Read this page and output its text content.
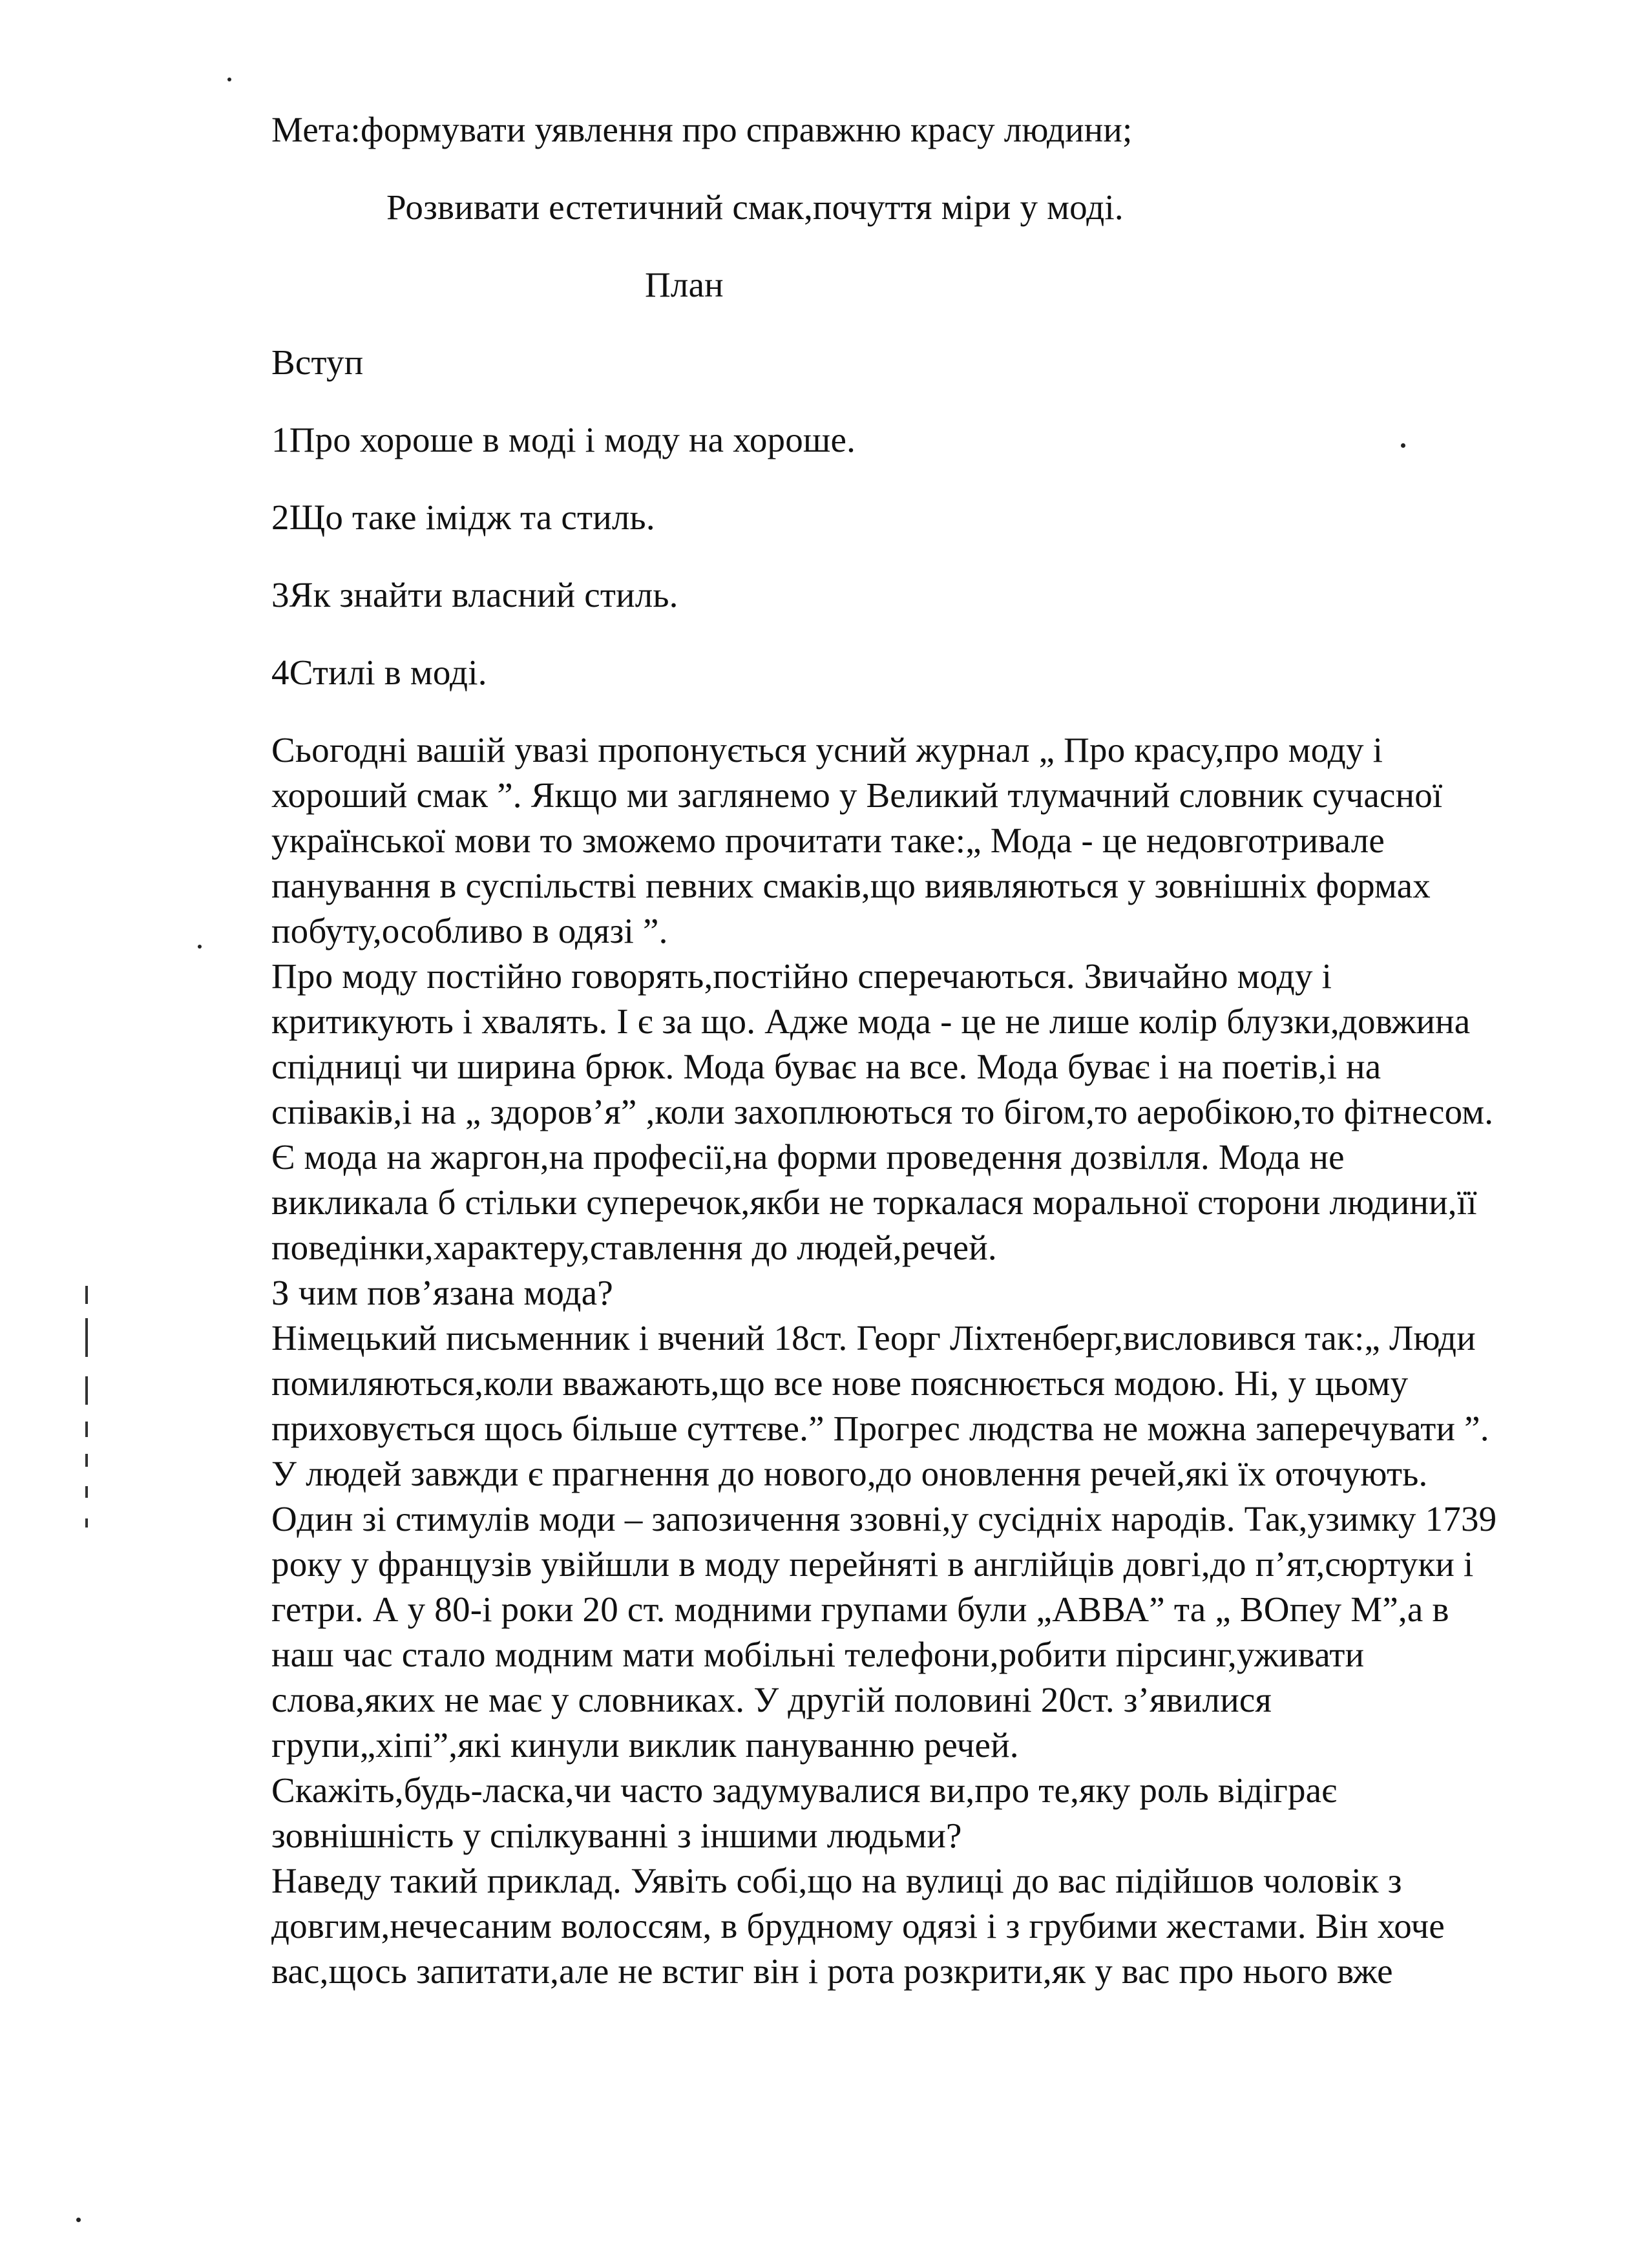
Мета:формувати уявлення про справжню красу людини;
Розвивати естетичний смак,почуття міри у моді.
План
Вступ
1Про хороше в моді і моду на хороше.
2Що таке імідж та стиль.
3Як знайти власний стиль.
4Стилі в моді.
Сьогодні вашій увазі пропонується усний журнал „ Про красу,про моду і
хороший смак ”. Якщо ми заглянемо у Великий тлумачний словник сучасної
української мови то зможемо прочитати таке:„ Мода - це недовготривале
панування в суспільстві певних смаків,що виявляються у зовнішніх формах
побуту,особливо в одязі ”.
Про моду постійно говорять,постійно сперечаються. Звичайно моду і
критикують і хвалять. І є за що. Адже мода - це не лише колір блузки,довжина
спідниці чи ширина брюк. Мода буває на все. Мода буває і на поетів,і на
співаків,і на „ здоров’я” ,коли захоплюються то бігом,то аеробікою,то фітнесом.
Є мода на жаргон,на професії,на форми проведення дозвілля. Мода не
викликала б стільки суперечок,якби не торкалася моральної сторони людини,її
поведінки,характеру,ставлення до людей,речей.
З чим пов’язана мода?
Німецький письменник і вчений 18ст. Георг Ліхтенберг,висловився так:„ Люди
помиляються,коли вважають,що все нове пояснюється модою. Ні, у цьому
приховується щось більше суттєве.” Прогрес людства не можна заперечувати ”.
У людей завжди є прагнення до нового,до оновлення речей,які їх оточують.
Один зі стимулів моди – запозичення ззовні,у сусідніх народів. Так,узимку 1739
року у французів увійшли в моду перейняті в англійців довгі,до п’ят,сюртуки і
гетри. А у 80-і роки 20 ст. модними групами були „АВВА” та „ ВОпеу М”,а в
наш час стало модним мати мобільні телефони,робити пірсинг,уживати
слова,яких не має у словниках. У другій половині 20ст. з’явилися
групи„хіпі”,які кинули виклик пануванню речей.
Скажіть,будь-ласка,чи часто задумувалися ви,про те,яку роль відіграє
зовнішність у спілкуванні з іншими людьми?
Наведу такий приклад. Уявіть собі,що на вулиці до вас підійшов чоловік з
довгим,нечесаним волоссям, в брудному одязі і з грубими жестами. Він хоче
вас,щось запитати,але не встиг він і рота розкрити,як у вас про нього вже
